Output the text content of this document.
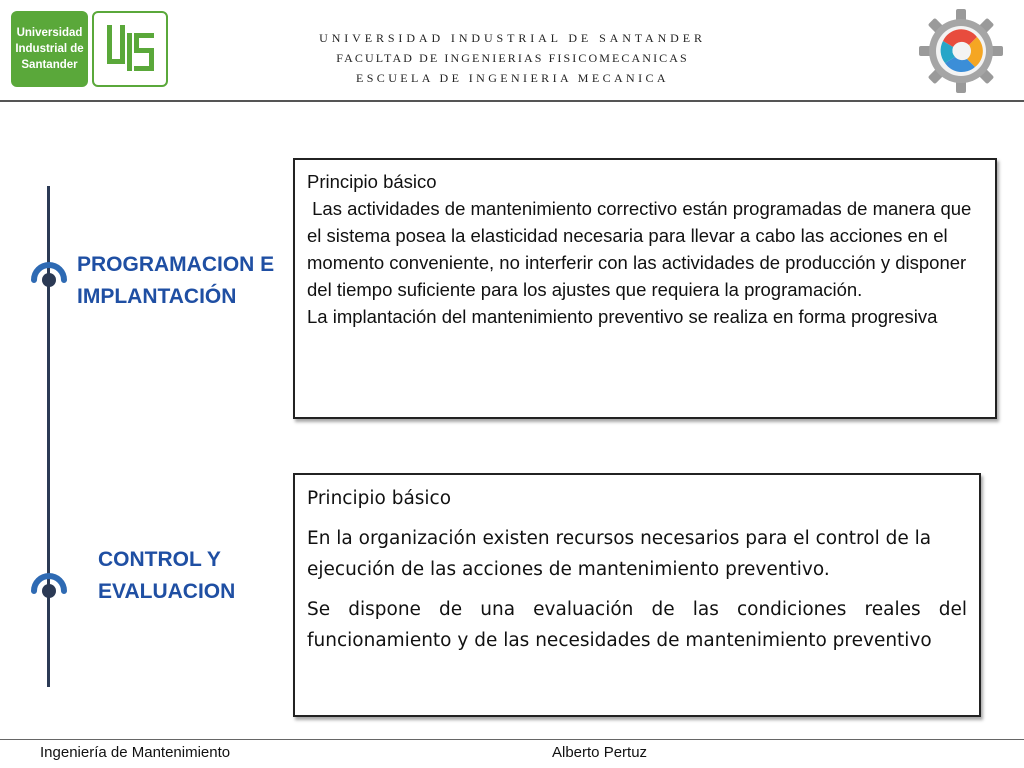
Universidad
Industrial de
Santander
UNIVERSIDAD INDUSTRIAL DE SANTANDER
FACULTAD DE INGENIERIAS FISICOMECANICAS
ESCUELA DE INGENIERIA MECANICA
PROGRAMACION E
IMPLANTACIÓN
CONTROL Y
EVALUACION

Principio básico

Las actividades de mantenimiento correctivo están programadas de manera que el sistema posea la elasticidad necesaria para llevar a cabo las acciones en el momento conveniente, no interferir con las actividades de producción y disponer del tiempo suficiente para los ajustes que requiera la programación.

La implantación del mantenimiento preventivo se realiza en forma progresiva

Principio básico

En la organización existen recursos necesarios para el control de la ejecución de las acciones de mantenimiento preventivo.

Se dispone de una evaluación de las condiciones reales del funcionamiento y de las necesidades de mantenimiento preventivo

Ingeniería de Mantenimiento	Alberto Pertuz
